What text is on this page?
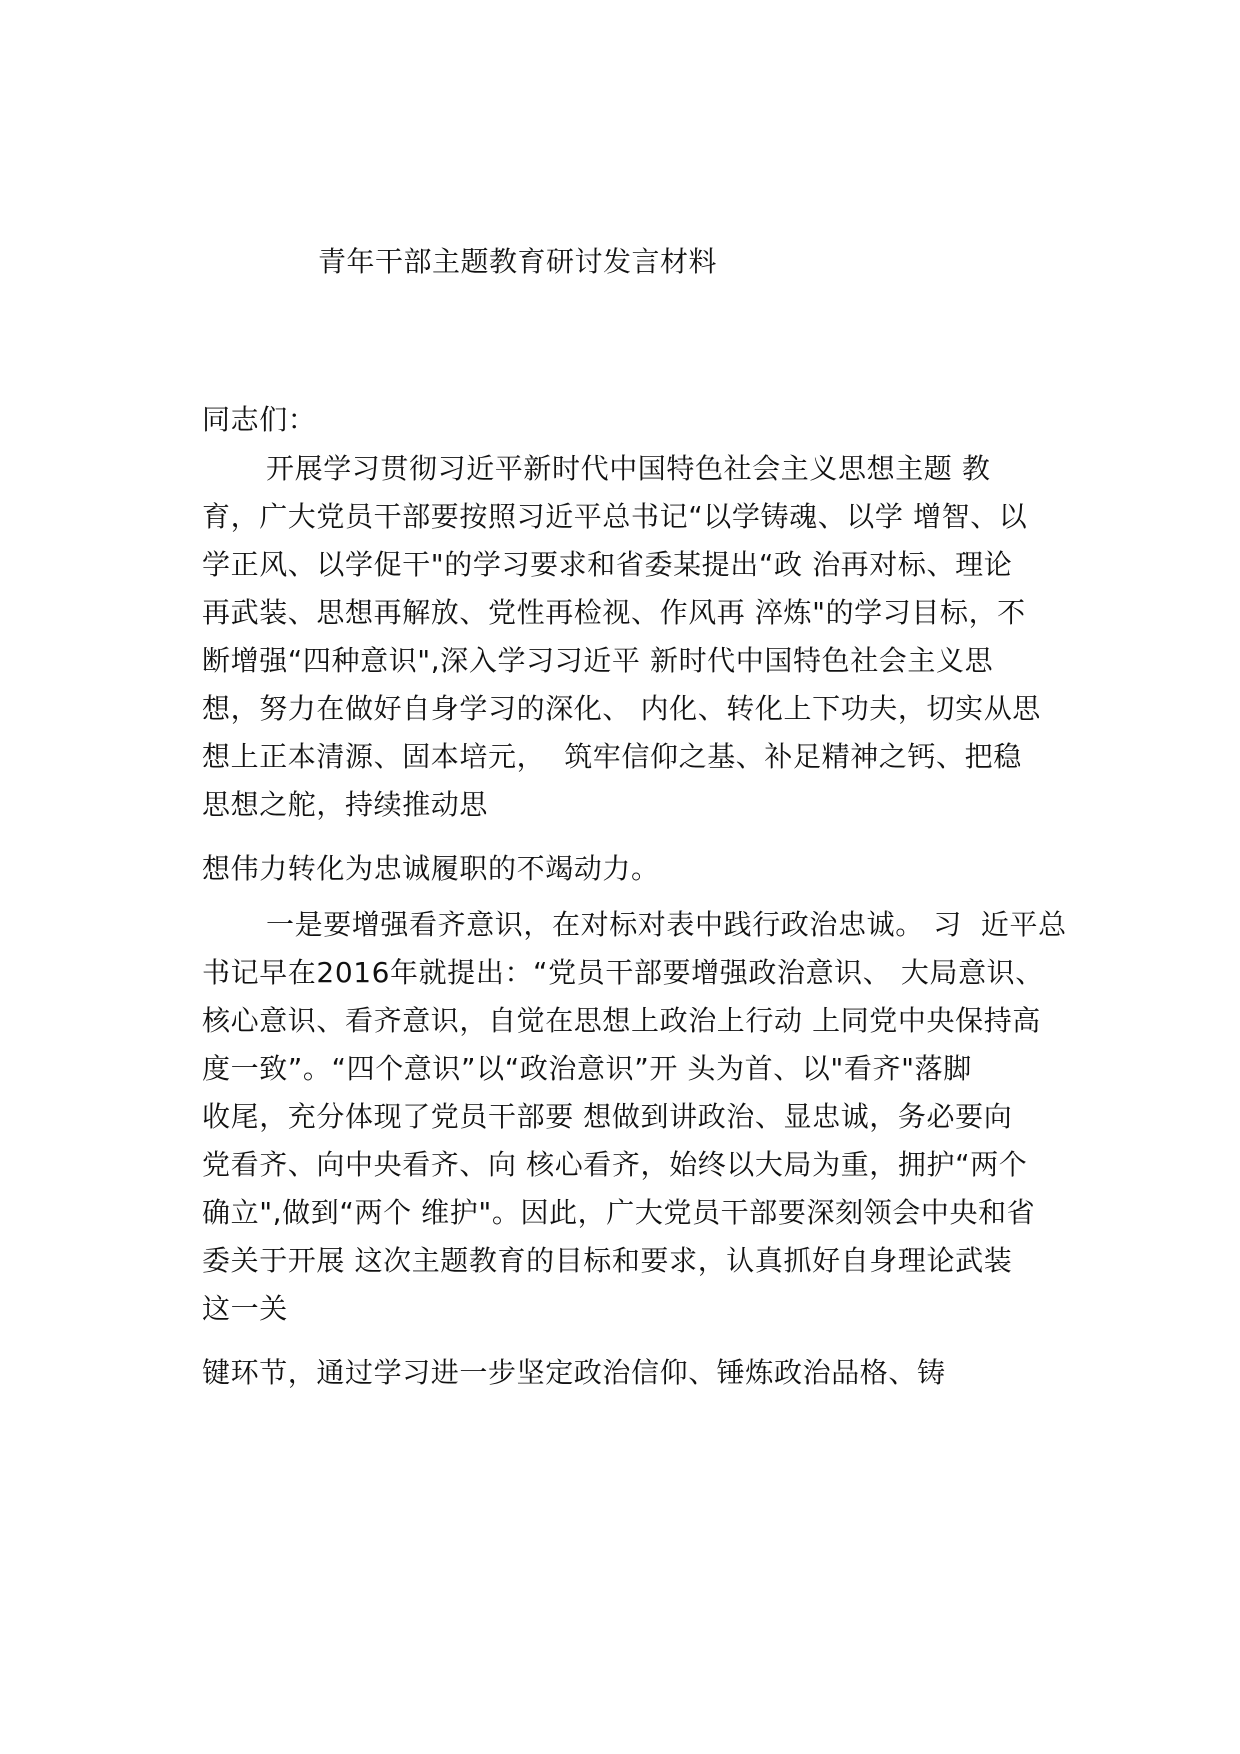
青年干部主题教育研讨发言材料
同志们：
开展学习贯彻习近平新时代中国特色社会主义思想主题 教
育，广大党员干部要按照习近平总书记“以学铸魂、以学 增智、以
学正风、以学促干"的学习要求和省委某提出“政 治再对标、理论
再武装、思想再解放、党性再检视、作风再 淬炼"的学习目标，不
断增强“四种意识",深入学习习近平 新时代中国特色社会主义思
想，努力在做好自身学习的深化、 内化、转化上下功夫，切实从思
想上正本清源、固本培元，  筑牢信仰之基、补足精神之钙、把稳
思想之舵，持续推动思
想伟力转化为忠诚履职的不竭动力。
一是要增强看齐意识，在对标对表中践行政治忠诚。 习  近平总
书记早在2016年就提出：“党员干部要增强政治意识、 大局意识、
核心意识、看齐意识，自觉在思想上政治上行动 上同党中央保持高
度一致”。“四个意识”以“政治意识”开 头为首、以"看齐"落脚
收尾，充分体现了党员干部要 想做到讲政治、显忠诚，务必要向
党看齐、向中央看齐、向 核心看齐，始终以大局为重，拥护“两个
确立",做到“两个 维护"。因此，广大党员干部要深刻领会中央和省
委关于开展 这次主题教育的目标和要求，认真抓好自身理论武装
这一关
键环节，通过学习进一步坚定政治信仰、锤炼政治品格、铸
